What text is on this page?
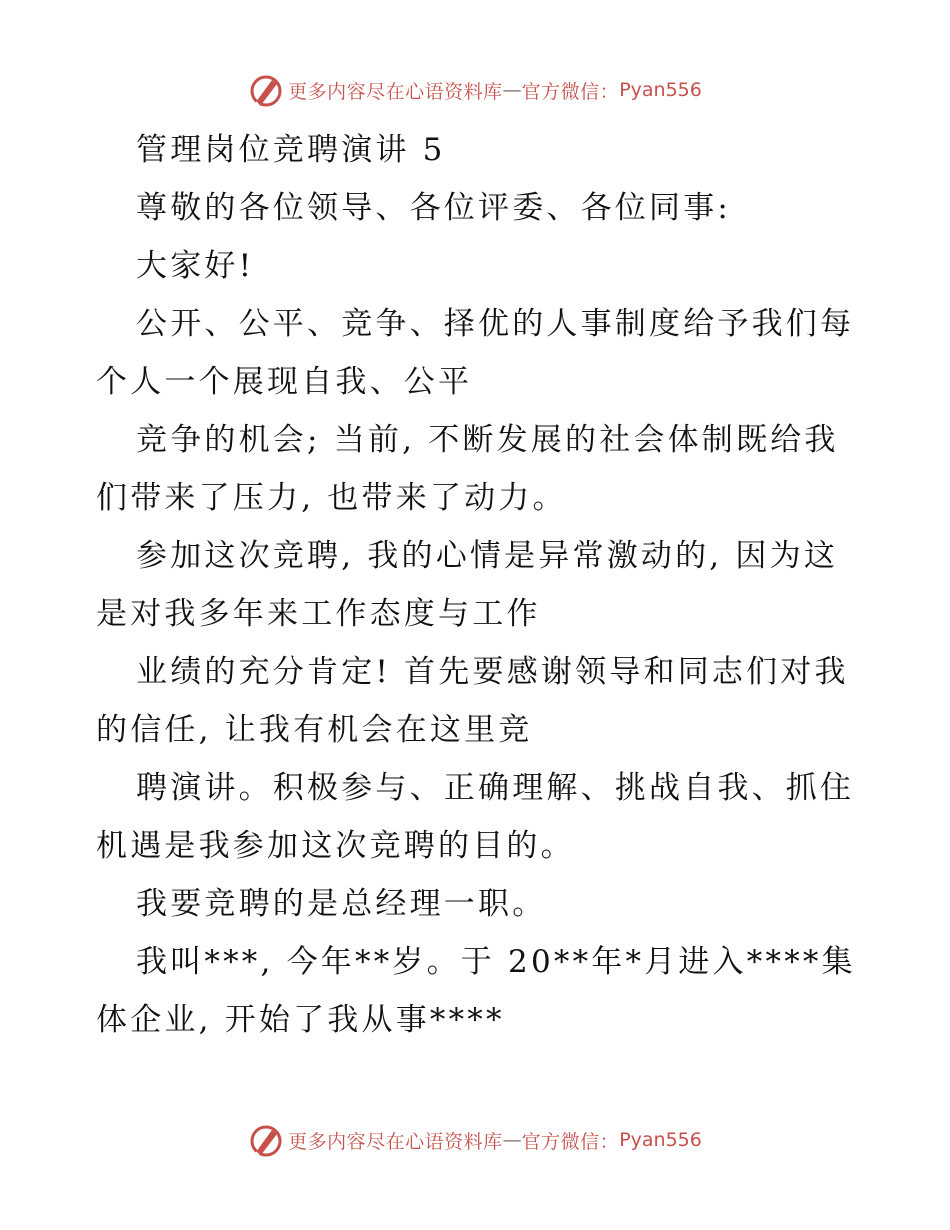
更多内容尽在心语资料库 — 官方微信： Pyan556
管理岗位竞聘演讲 5
尊敬的各位领导、各位评委、各位同事:
大家好!
公开、公平、竞争、择优的人事制度给予我们每
个人一个展现自我、公平
竞争的机会; 当前, 不断发展的社会体制既给我
们带来了压力, 也带来了动力。
参加这次竞聘, 我的心情是异常激动的, 因为这
是对我多年来工作态度与工作
业绩的充分肯定! 首先要感谢领导和同志们对我
的信任, 让我有机会在这里竞
聘演讲。积极参与、正确理解、挑战自我、抓住
机遇是我参加这次竞聘的目的。
我要竞聘的是总经理一职。
我叫***, 今年**岁。于 20**年*月进入****集
体企业, 开始了我从事****
更多内容尽在心语资料库 — 官方微信： Pyan556
